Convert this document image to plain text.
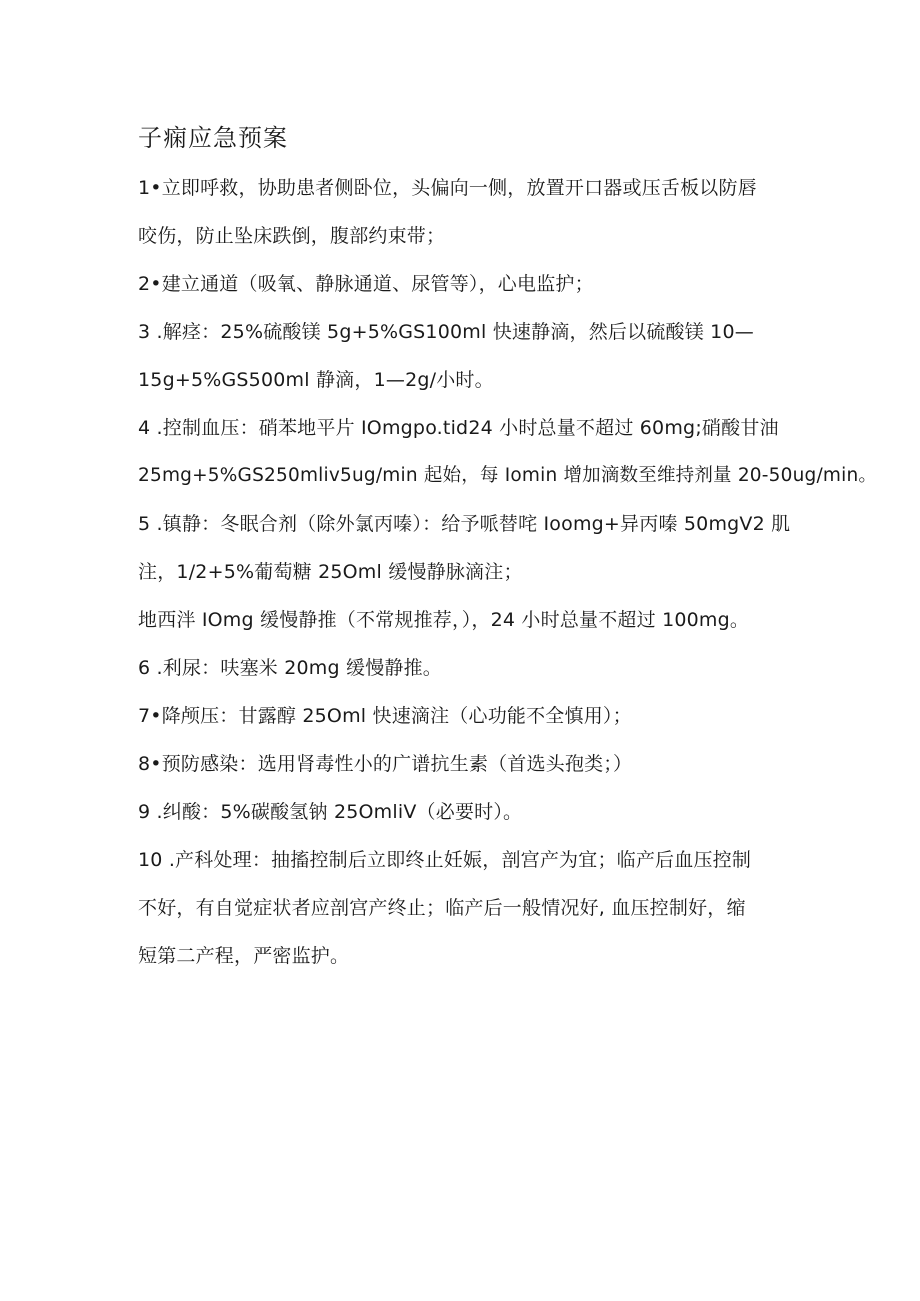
子痫应急预案
1•立即呼救，协助患者侧卧位，头偏向一侧，放置开口器或压舌板以防唇
咬伤，防止坠床跌倒，腹部约束带；
2•建立通道（吸氧、静脉通道、尿管等），心电监护；
3 .解痉：25%硫酸镁 5g+5%GS100ml 快速静滴，然后以硫酸镁 10—
15g+5%GS500ml 静滴，1—2g/小时。
4 .控制血压：硝苯地平片 IOmgpo.tid24 小时总量不超过 60mg;硝酸甘油
25mg+5%GS250mliv5ug/min 起始，每 Iomin 增加滴数至维持剂量 20-50ug/min。
5 .镇静：冬眠合剂（除外氯丙嗪）：给予哌替咤 Ioomg+异丙嗪 50mgV2 肌
注，1/2+5%葡萄糖 25Oml 缓慢静脉滴注；
地西泮 IOmg 缓慢静推（不常规推荐，），24 小时总量不超过 100mg。
6 .利尿：呋塞米 20mg 缓慢静推。
7•降颅压：甘露醇 25Oml 快速滴注（心功能不全慎用）；
8•预防感染：选用肾毒性小的广谱抗生素（首选头孢类；）
9 .纠酸：5%碳酸氢钠 25OmliV（必要时）。
10 .产科处理：抽搐控制后立即终止妊娠，剖宫产为宜；临产后血压控制
不好，有自觉症状者应剖宫产终止；临产后一般情况好, 血压控制好，缩
短第二产程，严密监护。
